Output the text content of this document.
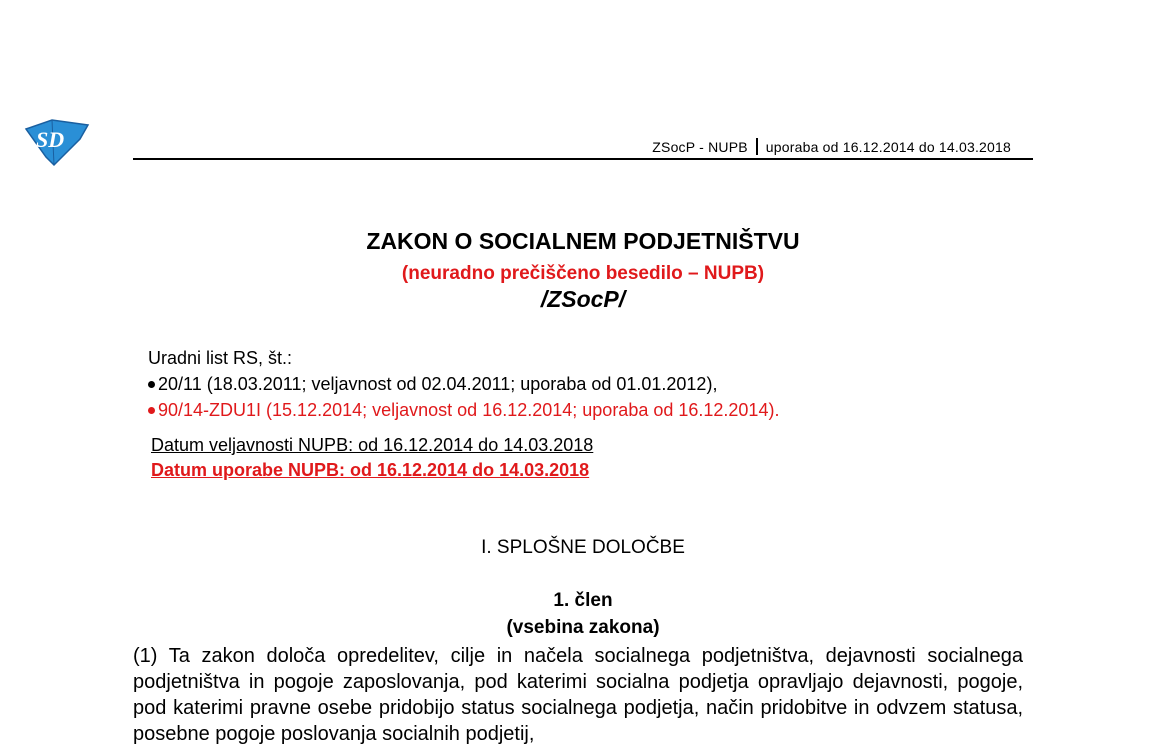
SD	ZSocP - NUPB uporaba od 16.12.2014 do 14.03.2018
ZAKON O SOCIALNEM PODJETNIŠTVU
(neuradno prečiščeno besedilo – NUPB)
/ZSocP/
Uradni list RS, št.:
20/11 (18.03.2011; veljavnost od 02.04.2011; uporaba od 01.01.2012),
90/14-ZDU1I (15.12.2014; veljavnost od 16.12.2014; uporaba od 16.12.2014).
Datum veljavnosti NUPB: od 16.12.2014 do 14.03.2018
Datum uporabe NUPB: od 16.12.2014 do 14.03.2018
I. SPLOŠNE DOLOČBE
1. člen
(vsebina zakona)
(1) Ta zakon določa opredelitev, cilje in načela socialnega podjetništva, dejavnosti socialnega podjetništva in pogoje zaposlovanja, pod katerimi socialna podjetja opravljajo dejavnosti, pogoje, pod katerimi pravne osebe pridobijo status socialnega podjetja, način pridobitve in odvzem statusa, posebne pogoje poslovanja socialnih podjetij,
